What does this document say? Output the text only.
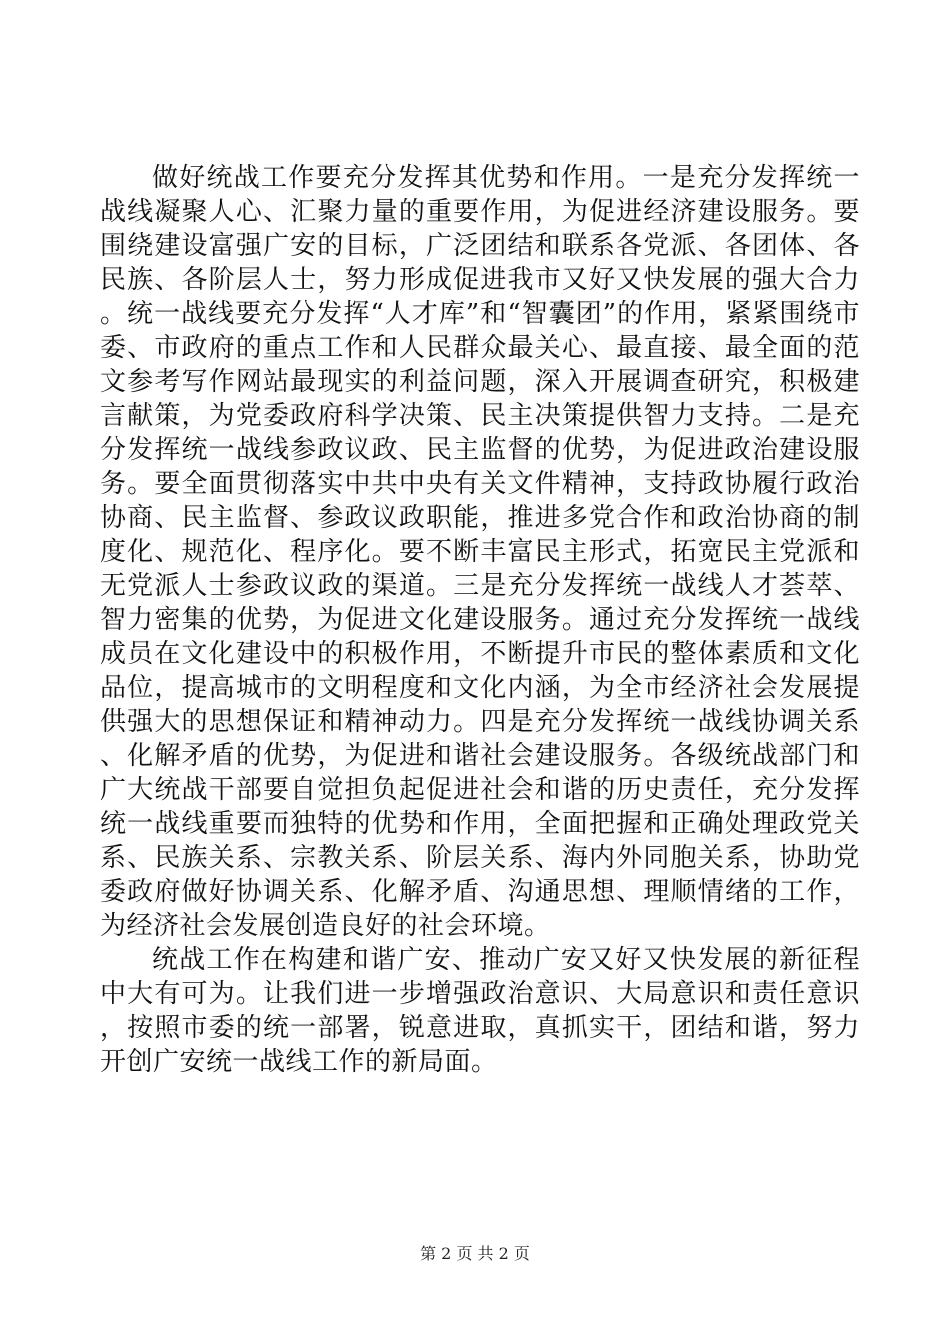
做好统战工作要充分发挥其优势和作用。一是充分发挥统一战线凝聚人心、汇聚力量的重要作用，为促进经济建设服务。要围绕建设富强广安的目标，广泛团结和联系各党派、各团体、各民族、各阶层人士，努力形成促进我市又好又快发展的强大合力。统一战线要充分发挥“人才库”和“智囊团”的作用，紧紧围绕市委、市政府的重点工作和人民群众最关心、最直接、最全面的范文参考写作网站最现实的利益问题，深入开展调查研究，积极建言献策，为党委政府科学决策、民主决策提供智力支持。二是充分发挥统一战线参政议政、民主监督的优势，为促进政治建设服务。要全面贯彻落实中共中央有关文件精神，支持政协履行政治协商、民主监督、参政议政职能，推进多党合作和政治协商的制度化、规范化、程序化。要不断丰富民主形式，拓宽民主党派和无党派人士参政议政的渠道。三是充分发挥统一战线人才荟萃、智力密集的优势，为促进文化建设服务。通过充分发挥统一战线成员在文化建设中的积极作用，不断提升市民的整体素质和文化品位，提高城市的文明程度和文化内涵，为全市经济社会发展提供强大的思想保证和精神动力。四是充分发挥统一战线协调关系、化解矛盾的优势，为促进和谐社会建设服务。各级统战部门和广大统战干部要自觉担负起促进社会和谐的历史责任，充分发挥统一战线重要而独特的优势和作用，全面把握和正确处理政党关系、民族关系、宗教关系、阶层关系、海内外同胞关系，协助党委政府做好协调关系、化解矛盾、沟通思想、理顺情绪的工作，为经济社会发展创造良好的社会环境。

统战工作在构建和谐广安、推动广安又好又快发展的新征程中大有可为。让我们进一步增强政治意识、大局意识和责任意识，按照市委的统一部署，锐意进取，真抓实干，团结和谐，努力开创广安统一战线工作的新局面。

第 2 页 共 2 页
